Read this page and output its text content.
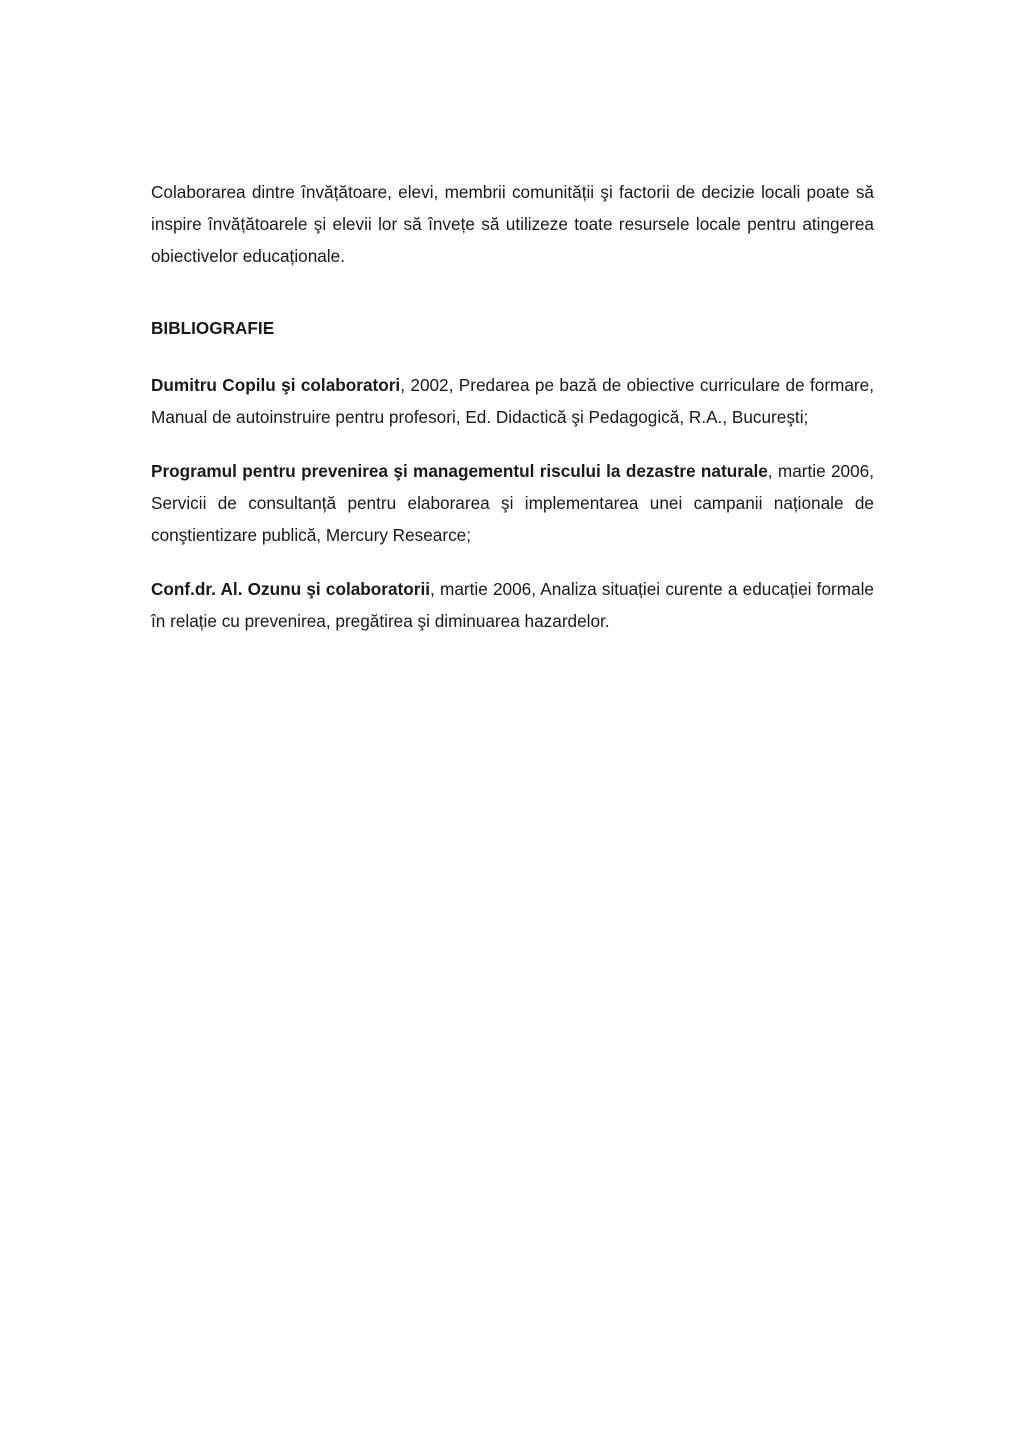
Colaborarea dintre învățătoare, elevi, membrii comunității şi factorii de decizie locali poate să inspire învățătoarele şi elevii lor să învețe să utilizeze toate resursele locale pentru atingerea obiectivelor educaționale.

BIBLIOGRAFIE

Dumitru Copilu şi colaboratori, 2002, Predarea pe bază de obiective curriculare de formare, Manual de autoinstruire pentru profesori, Ed. Didactică şi Pedagogică, R.A., Bucureşti;

Programul pentru prevenirea şi managementul riscului la dezastre naturale, martie 2006, Servicii de consultanță pentru elaborarea şi implementarea unei campanii naționale de conştientizare publică, Mercury Researce;

Conf.dr. Al. Ozunu şi colaboratorii, martie 2006, Analiza situației curente a educației formale în relație cu prevenirea, pregătirea şi diminuarea hazardelor.
